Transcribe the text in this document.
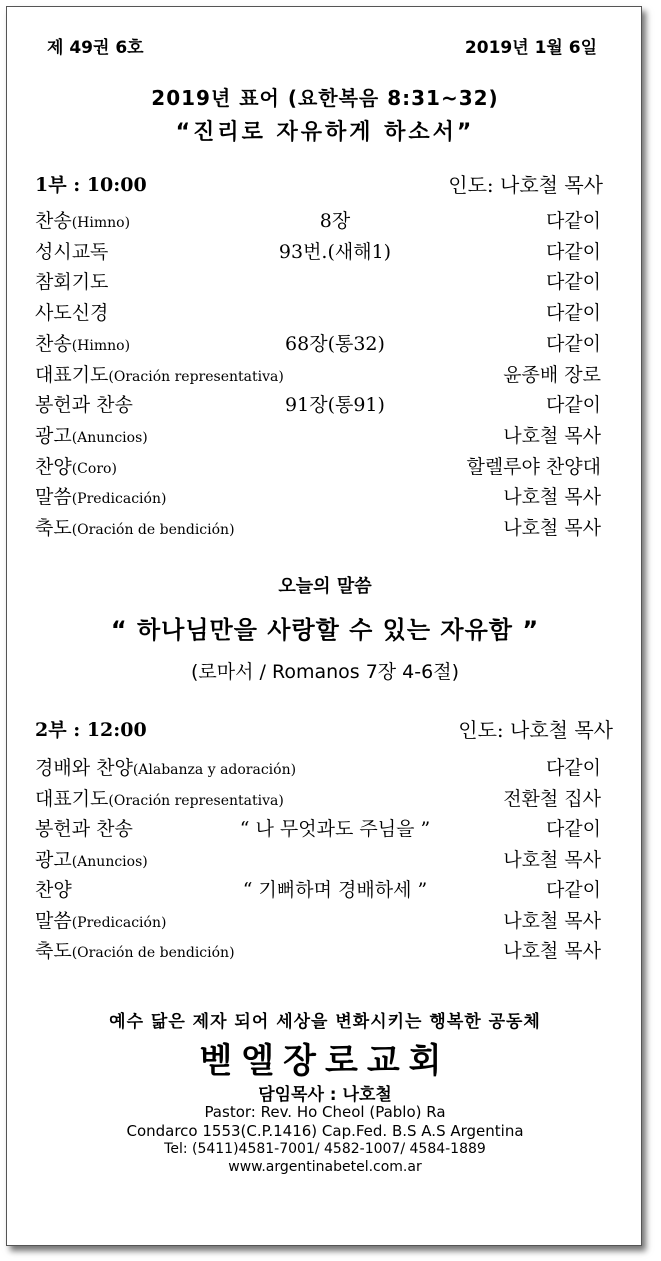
제 49권 6호	2019년 1월 6일
2019년 표어 (요한복음 8:31~32)
“진리로 자유하게 하소서”
1부 : 10:00	인도: 나호철 목사
찬송(Himno)	8장	다같이
성시교독	93번.(새해1)	다같이
참회기도	다같이
사도신경	다같이
찬송(Himno)	68장(통32)	다같이
대표기도(Oración representativa)	윤종배 장로
봉헌과 찬송	91장(통91)	다같이
광고(Anuncios)	나호철 목사
찬양(Coro)	할렐루야 찬양대
말씀(Predicación)	나호철 목사
축도(Oración de bendición)	나호철 목사
오늘의 말씀
“ 하나님만을 사랑할 수 있는 자유함 ”
(로마서 / Romanos 7장 4-6절)
2부 : 12:00	인도: 나호철 목사
경배와 찬양(Alabanza y adoración)	다같이
대표기도(Oración representativa)	전환철 집사
봉헌과 찬송	“ 나 무엇과도 주님을 ”	다같이
광고(Anuncios)	나호철 목사
찬양	“ 기뻐하며 경배하세 ”	다같이
말씀(Predicación)	나호철 목사
축도(Oración de bendición)	나호철 목사
예수 닮은 제자 되어 세상을 변화시키는 행복한 공동체
벧엘장로교회
담임목사 : 나호철
Pastor: Rev. Ho Cheol (Pablo) Ra
Condarco 1553(C.P.1416) Cap.Fed. B.S A.S Argentina
Tel: (5411)4581-7001/ 4582-1007/ 4584-1889
www.argentinabetel.com.ar
